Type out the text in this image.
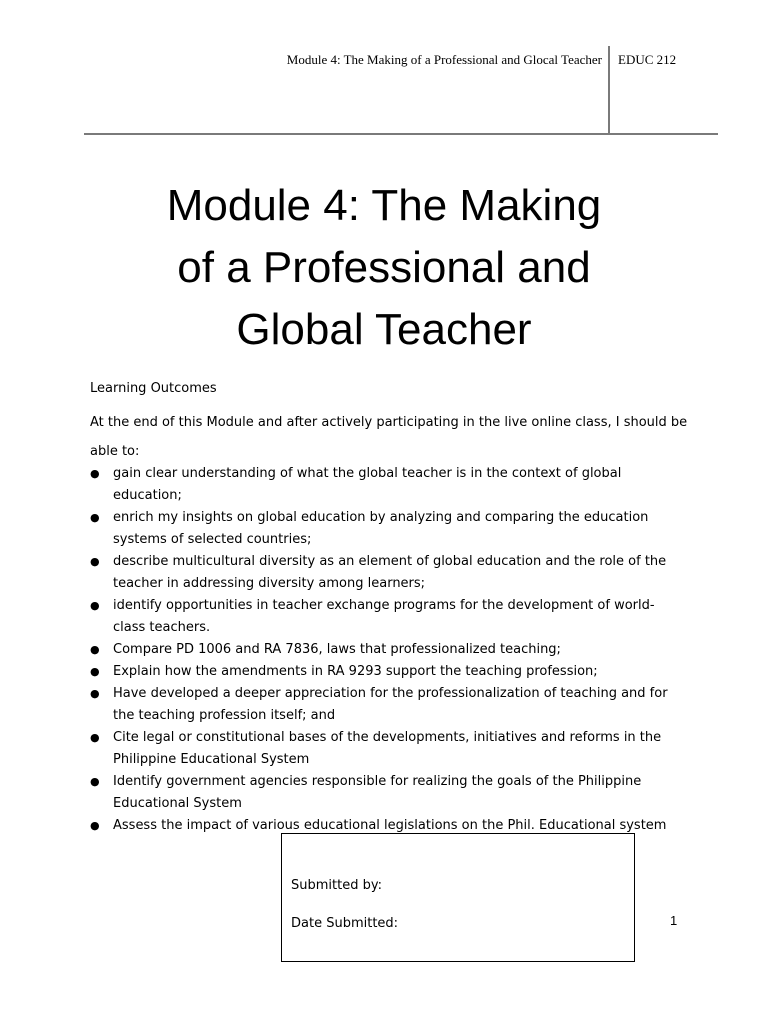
Module 4: The Making of a Professional and Glocal Teacher EDUC 212
Module 4: The Making
of a Professional and
Global Teacher
Learning Outcomes
At the end of this Module and after actively participating in the live online class, I should be able to:
●	gain clear understanding of what the global teacher is in the context of global education;
●	enrich my insights on global education by analyzing and comparing the education systems of selected countries;
●	describe multicultural diversity as an element of global education and the role of the teacher in addressing diversity among learners;
●	identify opportunities in teacher exchange programs for the development of world-class teachers.
●	Compare PD 1006 and RA 7836, laws that professionalized teaching;
●	Explain how the amendments in RA 9293 support the teaching profession;
●	Have developed a deeper appreciation for the professionalization of teaching and for the teaching profession itself; and
●	Cite legal or constitutional bases of the developments, initiatives and reforms in the Philippine Educational System
●	Identify government agencies responsible for realizing the goals of the Philippine Educational System
●	Assess the impact of various educational legislations on the Phil. Educational system
Submitted by:
Date Submitted:	1
